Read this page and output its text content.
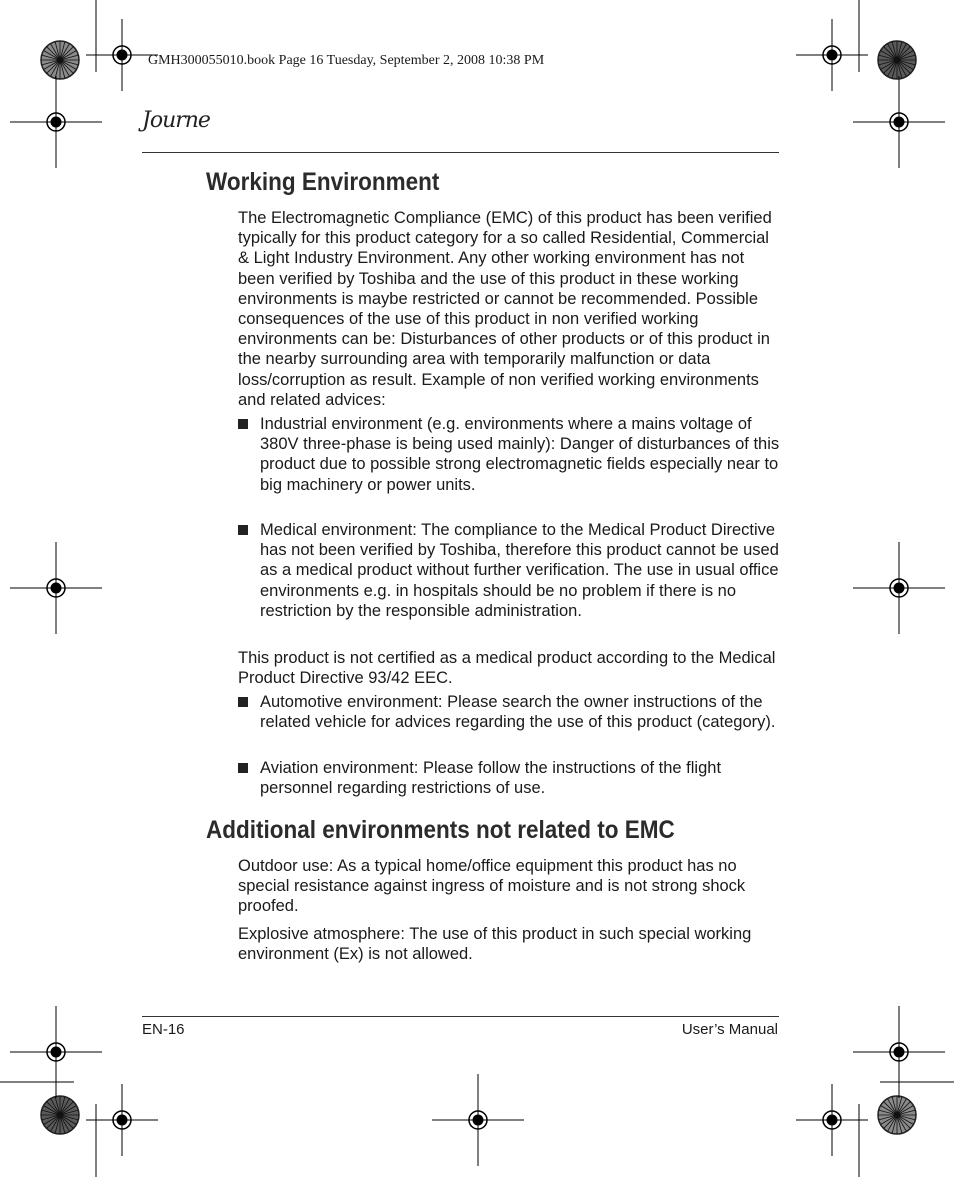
GMH300055010.book Page 16 Tuesday, September 2, 2008 10:38 PM
Journe
Working Environment

The Electromagnetic Compliance (EMC) of this product has been verified typically for this product category for a so called Residential, Commercial & Light Industry Environment. Any other working environment has not been verified by Toshiba and the use of this product in these working environments is maybe restricted or cannot be recommended. Possible consequences of the use of this product in non verified working environments can be: Disturbances of other products or of this product in the nearby surrounding area with temporarily malfunction or data loss/corruption as result. Example of non verified working environments and related advices:

Industrial environment (e.g. environments where a mains voltage of 380V three-phase is being used mainly): Danger of disturbances of this product due to possible strong electromagnetic fields especially near to big machinery or power units.
Medical environment: The compliance to the Medical Product Directive has not been verified by Toshiba, therefore this product cannot be used as a medical product without further verification. The use in usual office environments e.g. in hospitals should be no problem if there is no restriction by the responsible administration.

This product is not certified as a medical product according to the Medical Product Directive 93/42 EEC.

Automotive environment: Please search the owner instructions of the related vehicle for advices regarding the use of this product (category).
Aviation environment: Please follow the instructions of the flight personnel regarding restrictions of use.
Additional environments not related to EMC

Outdoor use: As a typical home/office equipment this product has no special resistance against ingress of moisture and is not strong shock proofed.

Explosive atmosphere: The use of this product in such special working environment (Ex) is not allowed.

EN-16	User’s Manual
